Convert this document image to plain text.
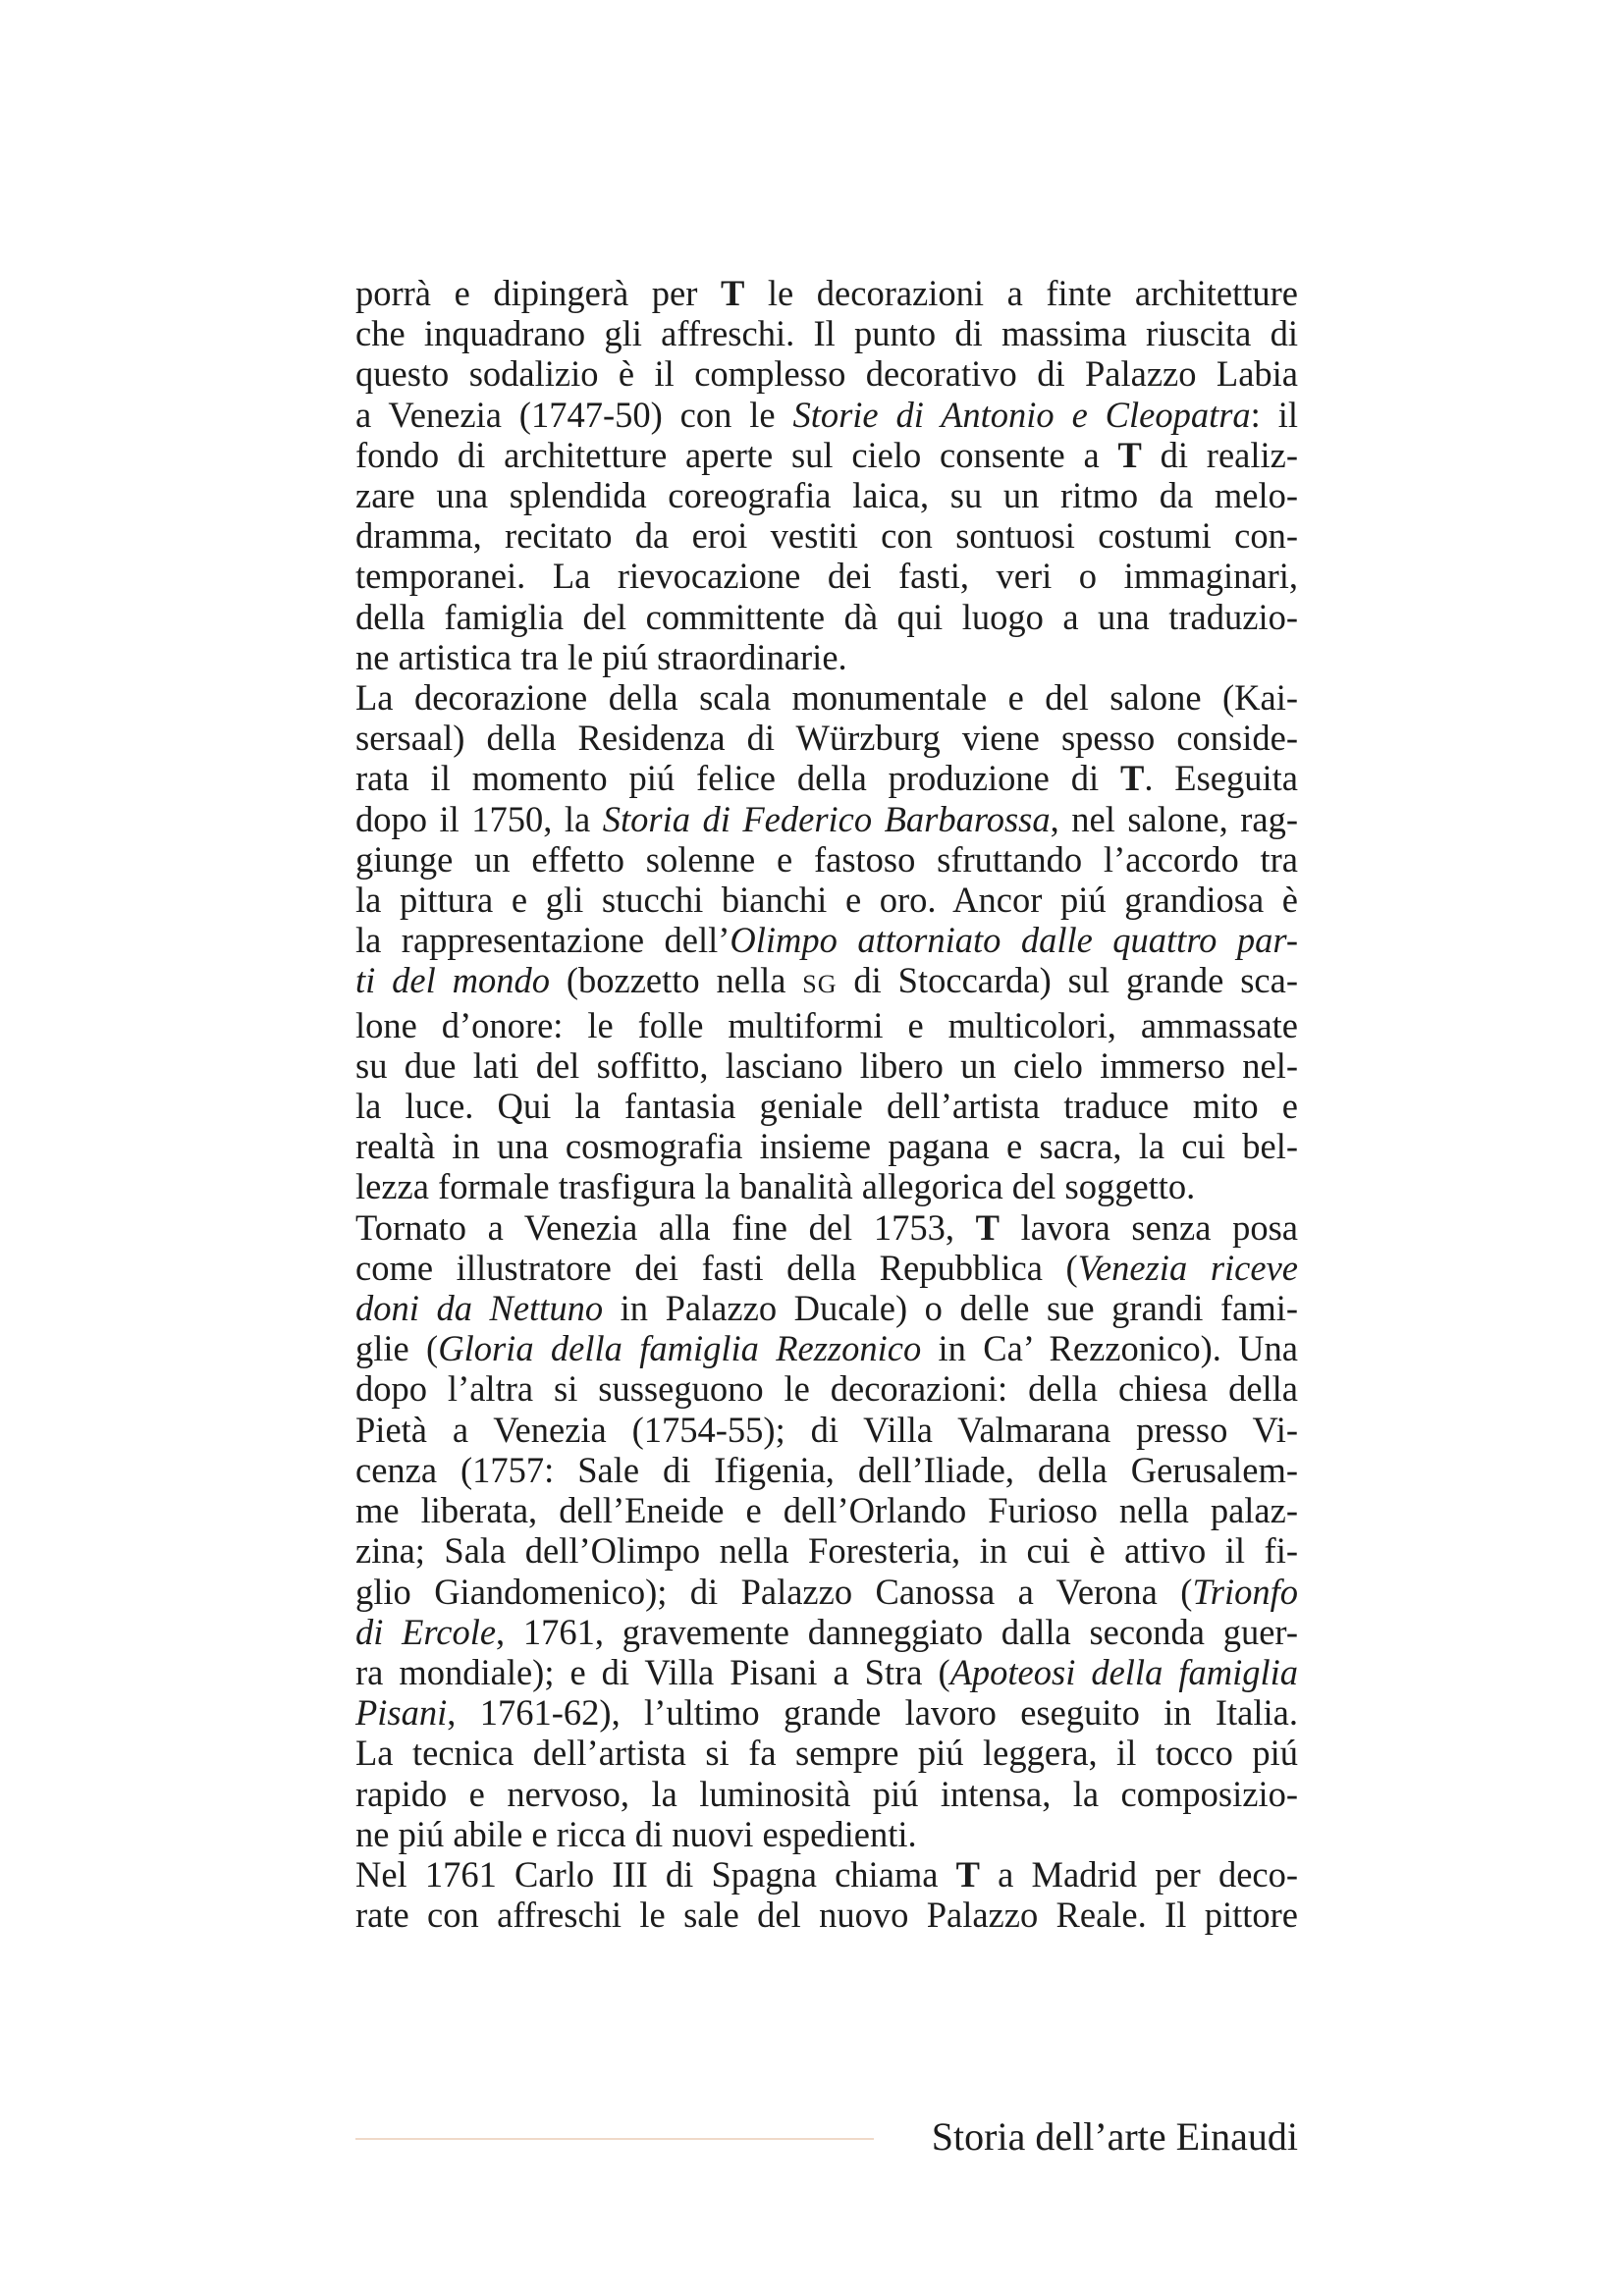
porrà e dipingerà per T le decorazioni a finte architetture
che inquadrano gli affreschi. Il punto di massima riuscita di
questo sodalizio è il complesso decorativo di Palazzo Labia
a Venezia (1747-50) con le Storie di Antonio e Cleopatra: il
fondo di architetture aperte sul cielo consente a T di realiz-
zare una splendida coreografia laica, su un ritmo da melo-
dramma, recitato da eroi vestiti con sontuosi costumi con-
temporanei. La rievocazione dei fasti, veri o immaginari,
della famiglia del committente dà qui luogo a una traduzio-
ne artistica tra le piú straordinarie.
La decorazione della scala monumentale e del salone (Kai-
sersaal) della Residenza di Würzburg viene spesso conside-
rata il momento piú felice della produzione di T. Eseguita
dopo il 1750, la Storia di Federico Barbarossa, nel salone, rag-
giunge un effetto solenne e fastoso sfruttando l’accordo tra
la pittura e gli stucchi bianchi e oro. Ancor piú grandiosa è
la rappresentazione dell’Olimpo attorniato dalle quattro par-
ti del mondo (bozzetto nella SG di Stoccarda) sul grande sca-
lone d’onore: le folle multiformi e multicolori, ammassate
su due lati del soffitto, lasciano libero un cielo immerso nel-
la luce. Qui la fantasia geniale dell’artista traduce mito e
realtà in una cosmografia insieme pagana e sacra, la cui bel-
lezza formale trasfigura la banalità allegorica del soggetto.
Tornato a Venezia alla fine del 1753, T lavora senza posa
come illustratore dei fasti della Repubblica (Venezia riceve
doni da Nettuno in Palazzo Ducale) o delle sue grandi fami-
glie (Gloria della famiglia Rezzonico in Ca’ Rezzonico). Una
dopo l’altra si susseguono le decorazioni: della chiesa della
Pietà a Venezia (1754-55); di Villa Valmarana presso Vi-
cenza (1757: Sale di Ifigenia, dell’Iliade, della Gerusalem-
me liberata, dell’Eneide e dell’Orlando Furioso nella palaz-
zina; Sala dell’Olimpo nella Foresteria, in cui è attivo il fi-
glio Giandomenico); di Palazzo Canossa a Verona (Trionfo
di Ercole, 1761, gravemente danneggiato dalla seconda guer-
ra mondiale); e di Villa Pisani a Stra (Apoteosi della famiglia
Pisani, 1761-62), l’ultimo grande lavoro eseguito in Italia.
La tecnica dell’artista si fa sempre piú leggera, il tocco piú
rapido e nervoso, la luminosità piú intensa, la composizio-
ne piú abile e ricca di nuovi espedienti.
Nel 1761 Carlo III di Spagna chiama T a Madrid per deco-
rate con affreschi le sale del nuovo Palazzo Reale. Il pittore
Storia dell’arte Einaudi
